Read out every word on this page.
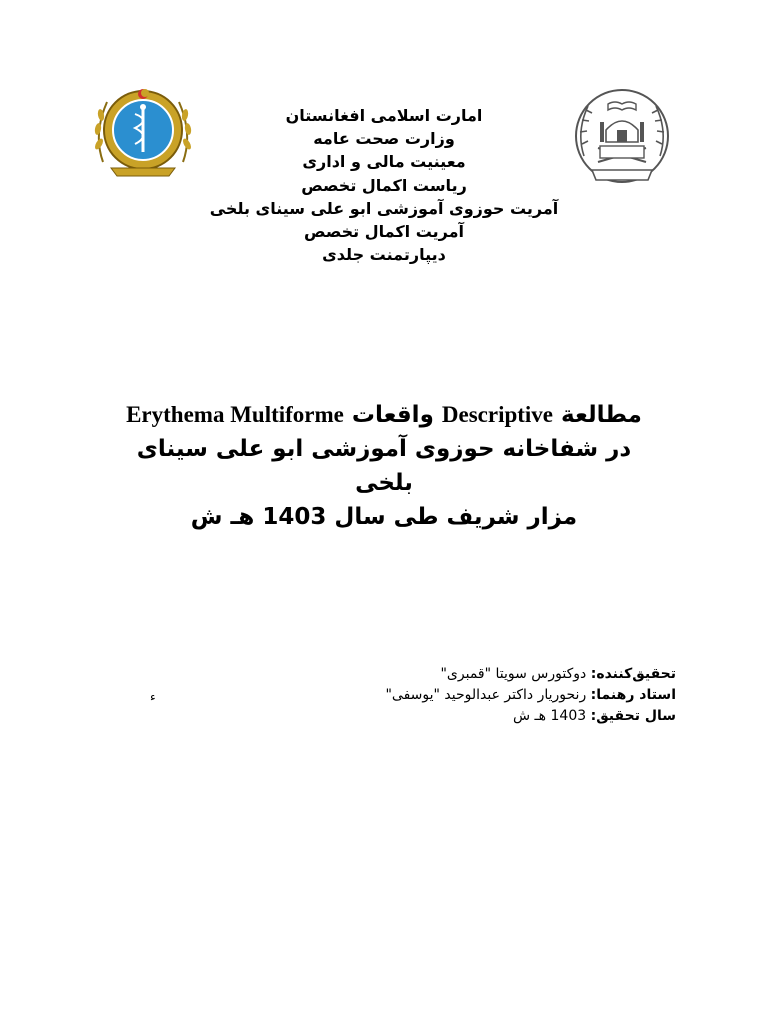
امارت اسلامی افغانستان
وزارت صحت عامه
معینیت مالی و اداری
ریاست اکمال تخصص
آمریت حوزوی آموزشی ابو علی سینای بلخی
آمریت اکمال تخصص
دیپارتمنت جلدی
مطالعة Descriptive واقعات Erythema Multiforme
در شفاخانه حوزوی آموزشی ابو علی سینای
بلخی
مزار شریف طی سال 1403 هـ ش
تحقیق‌کننده: دوکتورس سویتا "قمبری"
استاد رهنما: رنحوریار داکتر عبدالوحید "یوسفی"
سال تحقیق: 1403 هـ ش
ء
